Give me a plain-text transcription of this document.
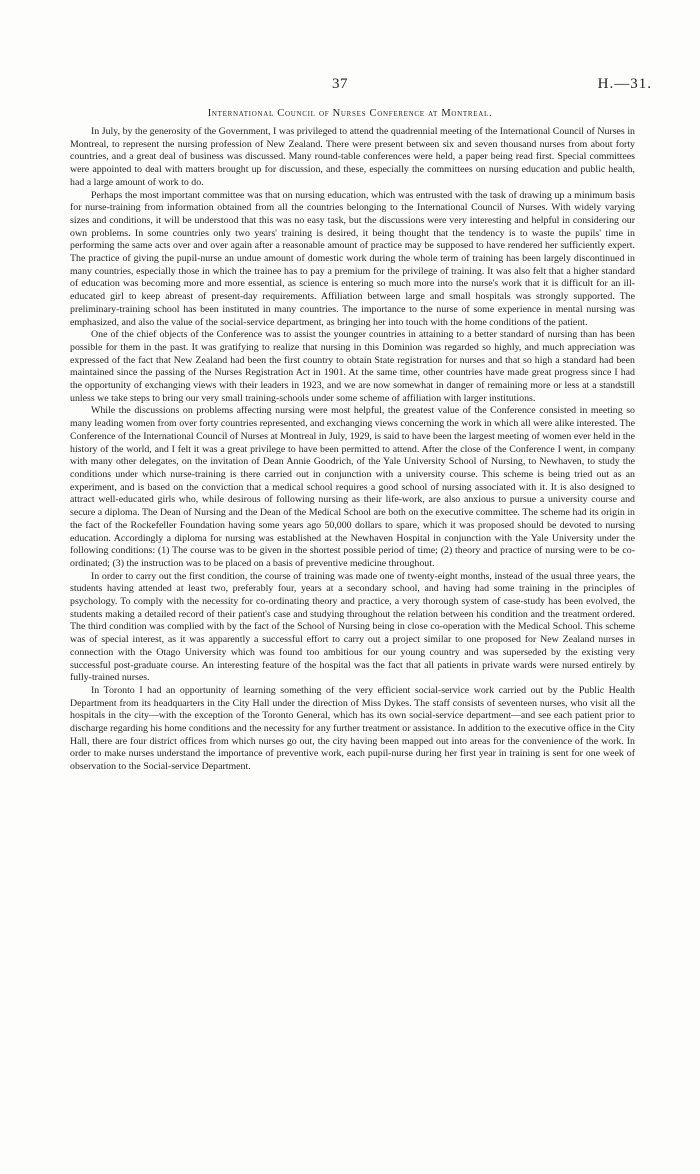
37	H.—31.
International Council of Nurses Conference at Montreal.

In July, by the generosity of the Government, I was privileged to attend the quadrennial meeting of the International Council of Nurses in Montreal, to represent the nursing profession of New Zealand. There were present between six and seven thousand nurses from about forty countries, and a great deal of business was discussed. Many round-table conferences were held, a paper being read first. Special committees were appointed to deal with matters brought up for discussion, and these, especially the committees on nursing education and public health, had a large amount of work to do.

Perhaps the most important committee was that on nursing education, which was entrusted with the task of drawing up a minimum basis for nurse-training from information obtained from all the countries belonging to the International Council of Nurses. With widely varying sizes and conditions, it will be understood that this was no easy task, but the discussions were very interesting and helpful in considering our own problems. In some countries only two years' training is desired, it being thought that the tendency is to waste the pupils' time in performing the same acts over and over again after a reasonable amount of practice may be supposed to have rendered her sufficiently expert. The practice of giving the pupil-nurse an undue amount of domestic work during the whole term of training has been largely discontinued in many countries, especially those in which the trainee has to pay a premium for the privilege of training. It was also felt that a higher standard of education was becoming more and more essential, as science is entering so much more into the nurse's work that it is difficult for an ill-educated girl to keep abreast of present-day requirements. Affiliation between large and small hospitals was strongly supported. The preliminary-training school has been instituted in many countries. The importance to the nurse of some experience in mental nursing was emphasized, and also the value of the social-service department, as bringing her into touch with the home conditions of the patient.

One of the chief objects of the Conference was to assist the younger countries in attaining to a better standard of nursing than has been possible for them in the past. It was gratifying to realize that nursing in this Dominion was regarded so highly, and much appreciation was expressed of the fact that New Zealand had been the first country to obtain State registration for nurses and that so high a standard had been maintained since the passing of the Nurses Registration Act in 1901. At the same time, other countries have made great progress since I had the opportunity of exchanging views with their leaders in 1923, and we are now somewhat in danger of remaining more or less at a standstill unless we take steps to bring our very small training-schools under some scheme of affiliation with larger institutions.

While the discussions on problems affecting nursing were most helpful, the greatest value of the Conference consisted in meeting so many leading women from over forty countries represented, and exchanging views concerning the work in which all were alike interested. The Conference of the International Council of Nurses at Montreal in July, 1929, is said to have been the largest meeting of women ever held in the history of the world, and I felt it was a great privilege to have been permitted to attend. After the close of the Conference I went, in company with many other delegates, on the invitation of Dean Annie Goodrich, of the Yale University School of Nursing, to Newhaven, to study the conditions under which nurse-training is there carried out in conjunction with a university course. This scheme is being tried out as an experiment, and is based on the conviction that a medical school requires a good school of nursing associated with it. It is also designed to attract well-educated girls who, while desirous of following nursing as their life-work, are also anxious to pursue a university course and secure a diploma. The Dean of Nursing and the Dean of the Medical School are both on the executive committee. The scheme had its origin in the fact of the Rockefeller Foundation having some years ago 50,000 dollars to spare, which it was proposed should be devoted to nursing education. Accordingly a diploma for nursing was established at the Newhaven Hospital in conjunction with the Yale University under the following conditions: (1) The course was to be given in the shortest possible period of time; (2) theory and practice of nursing were to be co-ordinated; (3) the instruction was to be placed on a basis of preventive medicine throughout.

In order to carry out the first condition, the course of training was made one of twenty-eight months, instead of the usual three years, the students having attended at least two, preferably four, years at a secondary school, and having had some training in the principles of psychology. To comply with the necessity for co-ordinating theory and practice, a very thorough system of case-study has been evolved, the students making a detailed record of their patient's case and studying throughout the relation between his condition and the treatment ordered. The third condition was complied with by the fact of the School of Nursing being in close co-operation with the Medical School. This scheme was of special interest, as it was apparently a successful effort to carry out a project similar to one proposed for New Zealand nurses in connection with the Otago University which was found too ambitious for our young country and was superseded by the existing very successful post-graduate course. An interesting feature of the hospital was the fact that all patients in private wards were nursed entirely by fully-trained nurses.

In Toronto I had an opportunity of learning something of the very efficient social-service work carried out by the Public Health Department from its headquarters in the City Hall under the direction of Miss Dykes. The staff consists of seventeen nurses, who visit all the hospitals in the city—with the exception of the Toronto General, which has its own social-service department—and see each patient prior to discharge regarding his home conditions and the necessity for any further treatment or assistance. In addition to the executive office in the City Hall, there are four district offices from which nurses go out, the city having been mapped out into areas for the convenience of the work. In order to make nurses understand the importance of preventive work, each pupil-nurse during her first year in training is sent for one week of observation to the Social-service Department.
